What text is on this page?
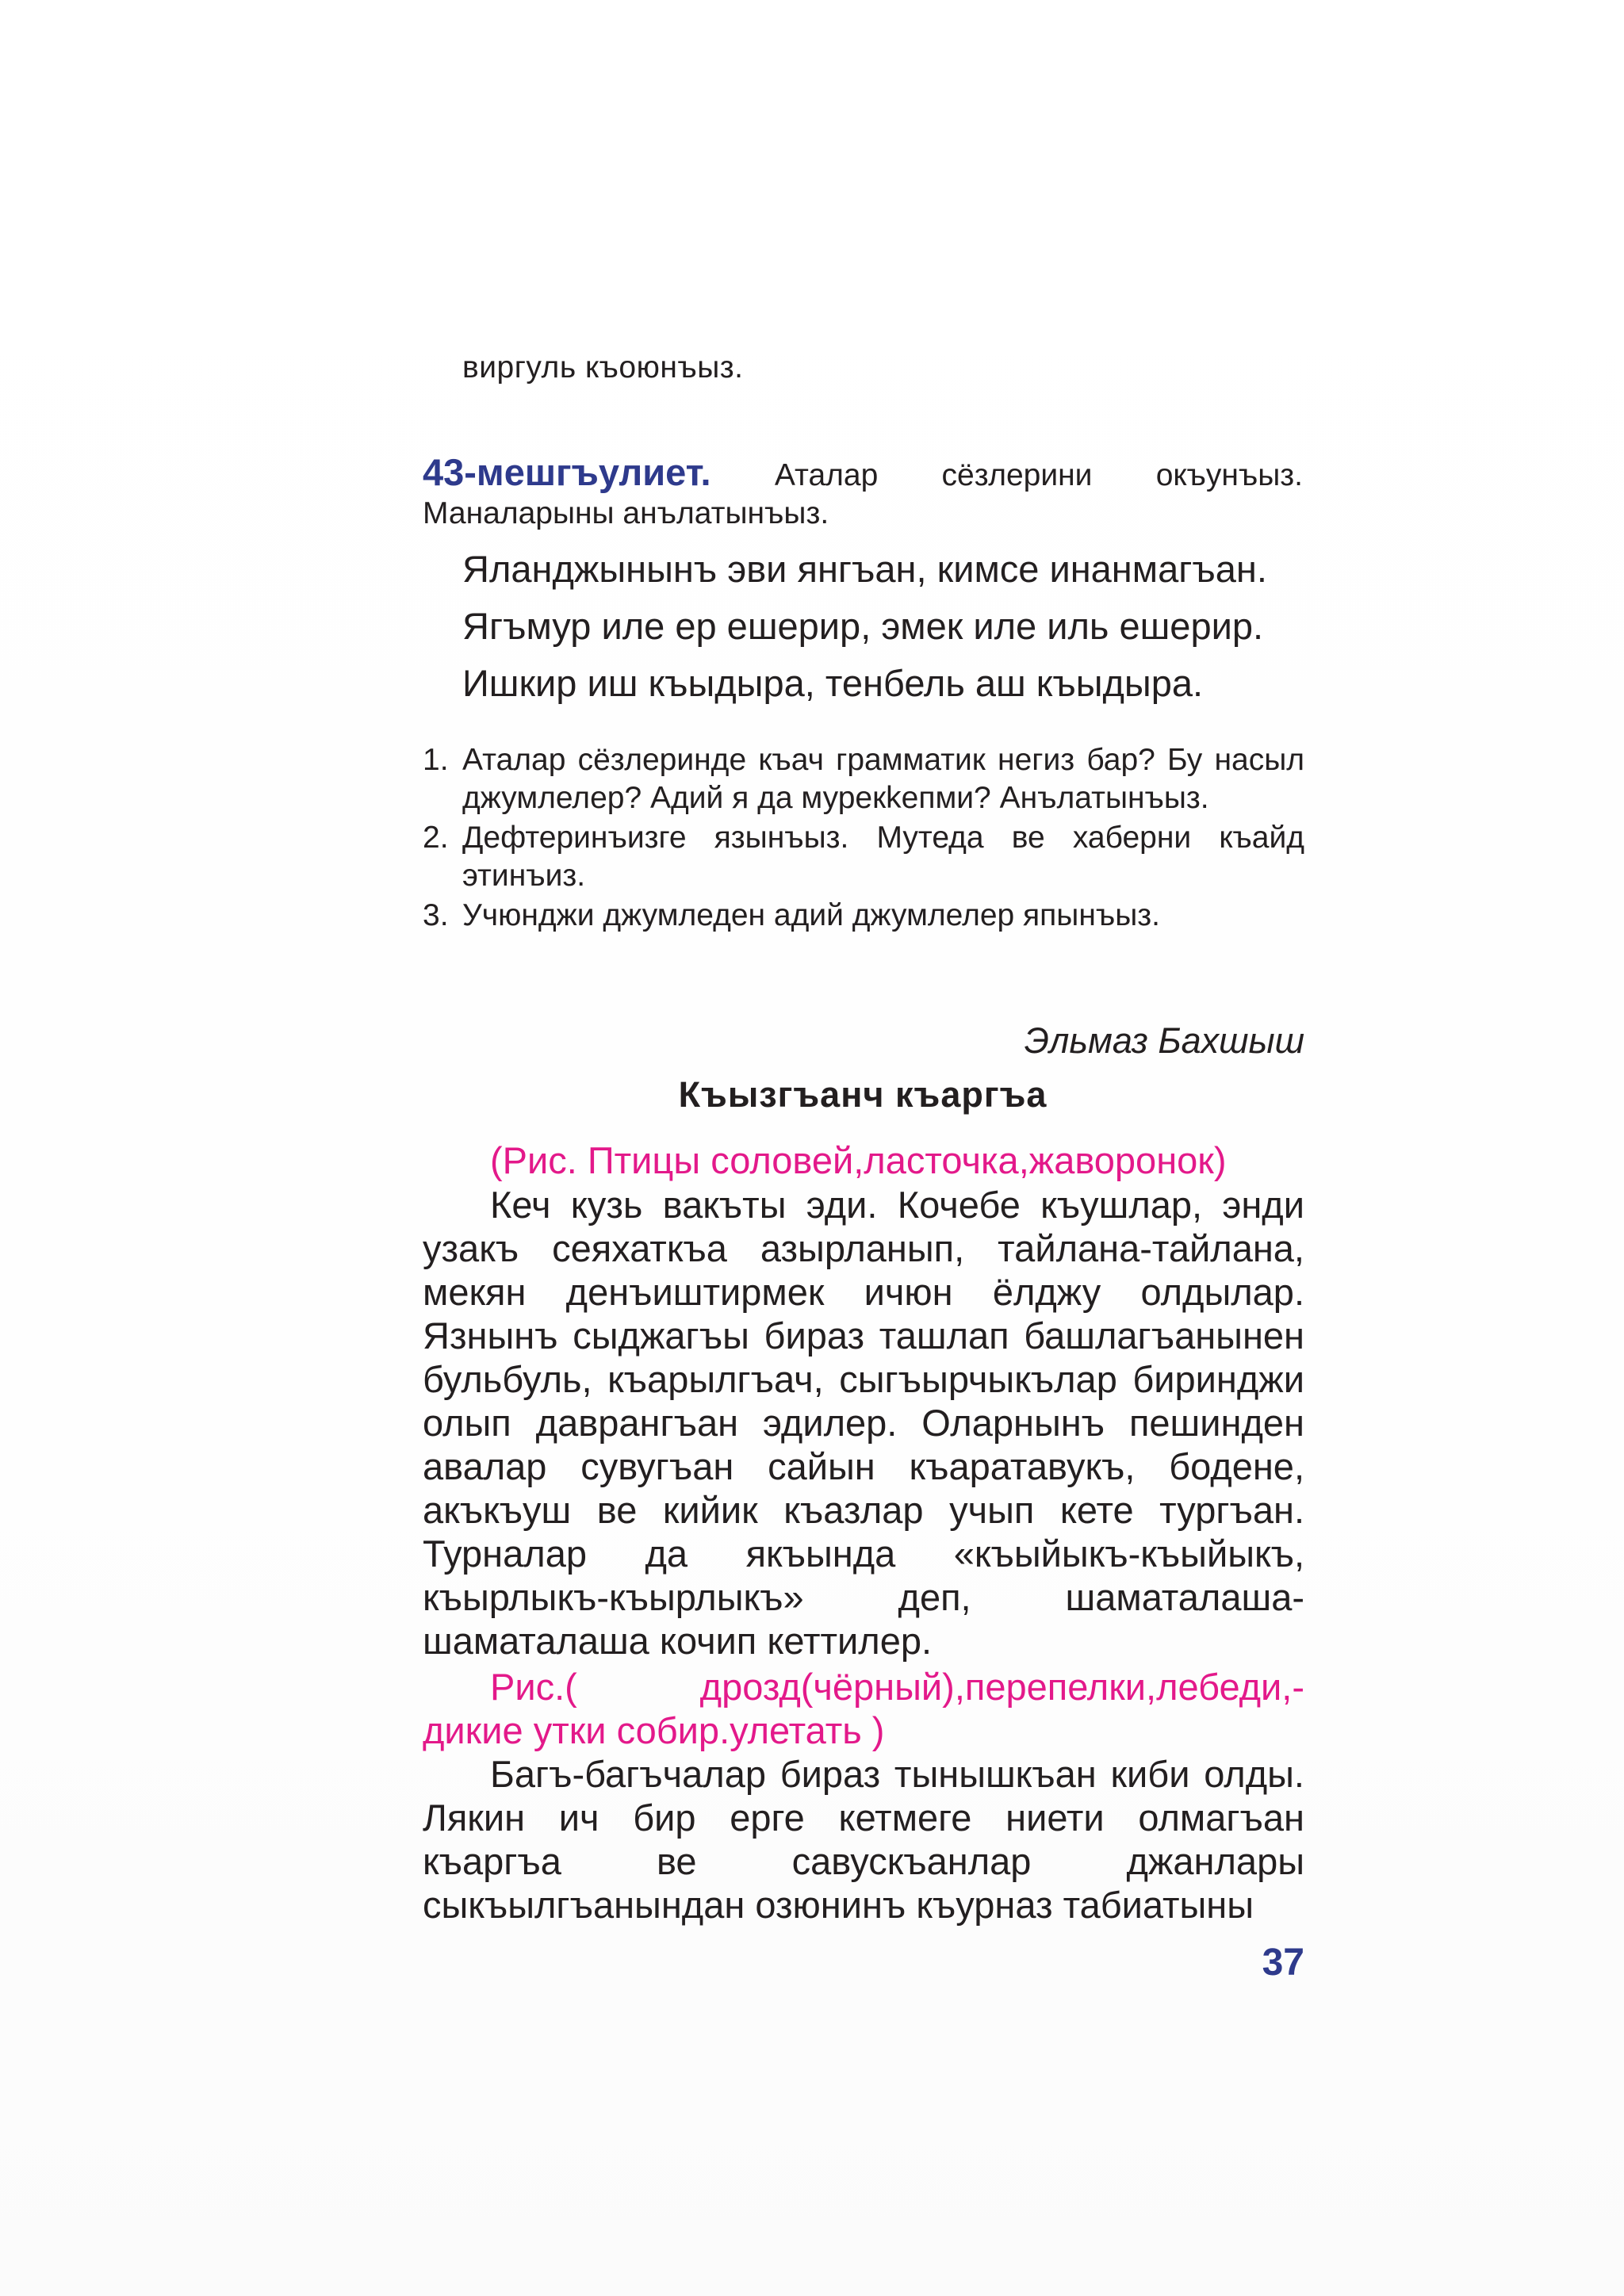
виргуль къоюнъыз.
43-мешгъулиет. Аталар сёзлерини окъунъыз. Маналарыны анълатынъыз.
Яланджынынъ эви янгъан, кимсе инанмагъан.
Ягъмур иле ер ешерир, эмек иле иль ешерир.
Ишкир иш къыдыра, тенбель аш къыдыра.
1. Аталар сёзлеринде къач грамматик негиз бар? Бу насыл джумлелер? Адий я да мурекkепми? Анълатынъыз.
2. Дефтеринъизге язынъыз. Мутеда ве хаберни къайд этинъиз.
3. Учюнджи джумледен адий джумлелер япынъыз.
Эльмаз Бахшыш
Къызгъанч къаргъа
(Рис. Птицы соловей,ласточка,жаворонок)

Кеч кузь вакъты эди. Кочебе къушлар, энди узакъ сеяхаткъа азырланып, тайлана-тайлана, мекян денъиштирмек ичюн ёлджу олдылар. Язнынъ сыджагъы бираз ташлап башлагъанынен бульбуль, къарылгъач, сыгъырчыкълар биринджи олып даврангъан эдилер. Оларнынъ пешинден авалар сувугъан сайын къаратавукъ, бодене, акъкъуш ве кийик къазлар учып кете тургъан. Турналар да якъында «къыйыкъ-къыйыкъ, къырлыкъ-къырлыкъ» деп, шаматалаша-шаматалаша кочип кеттилер.

Рис.(	дрозд(чёрный),перепелки,лебеди,-
дикие утки собир.улетать )

Багъ-багъчалар бираз тынышкъан киби олды. Лякин ич бир ерге кетмеге ниети олмагъан къаргъа ве савускъанлар джанлары сыкъылгъанындан озюнинъ къурназ табиатыны

37
